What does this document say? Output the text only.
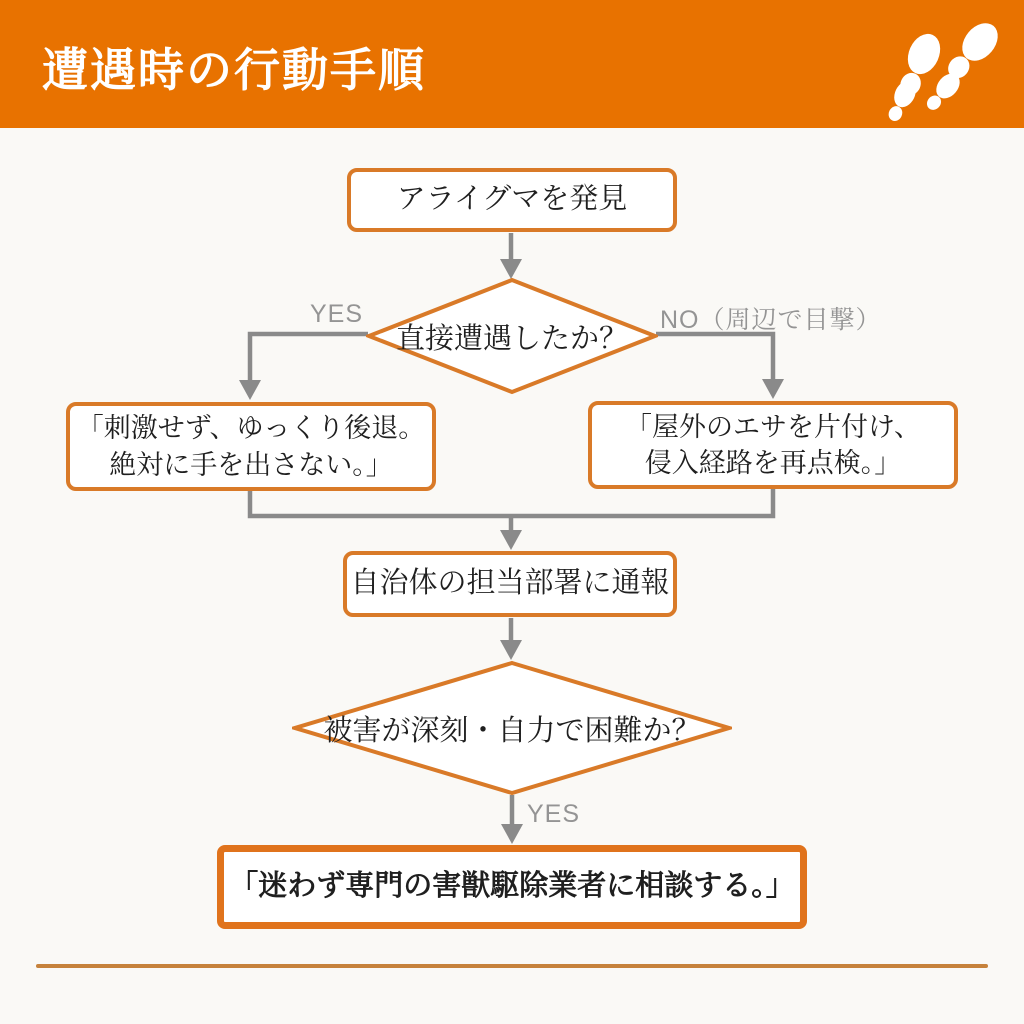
遭遇時の行動手順
YES	NO（周辺で目撃）
YES
アライグマを発見
直接遭遇したか？
「刺激せず、ゆっくり後退。
絶対に手を出さない。」
「屋外のエサを片付け、
侵入経路を再点検。」
自治体の担当部署に通報
被害が深刻・自力で困難か？
「迷わず専門の害獣駆除業者に相談する。」
